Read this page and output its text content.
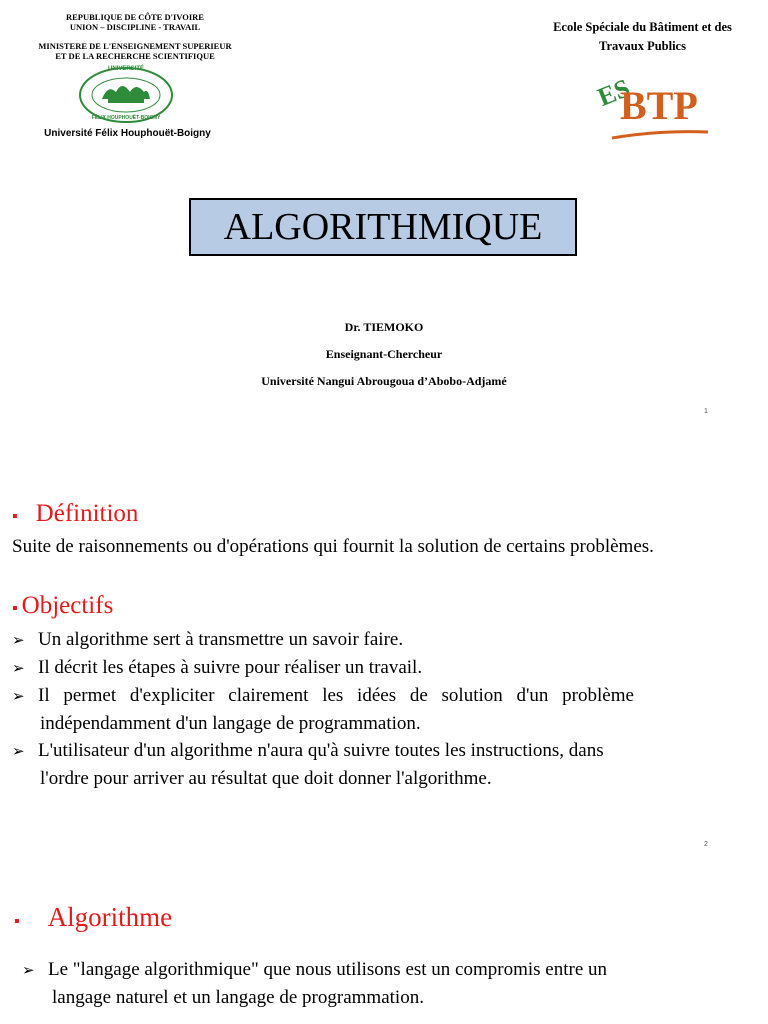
REPUBLIQUE DE CÔTE D'IVOIRE
UNION – DISCIPLINE - TRAVAIL
MINISTERE DE L'ENSEIGNEMENT SUPERIEUR
ET DE LA RECHERCHE SCIENTIFIQUE
UNIVERSITÉ
FÉLIX HOUPHOUËT-BOIGNY
Université Félix Houphouët-Boigny
Ecole Spéciale du Bâtiment et des
Travaux Publics
ES
BTP
ALGORITHMIQUE
Dr. TIEMOKO
Enseignant-Chercheur
Université Nangui Abrougoua d’Abobo-Adjamé
1
▪ Définition
Suite de raisonnements ou d'opérations qui fournit la solution de certains problèmes.
▪ Objectifs
➢ Un algorithme sert à transmettre un savoir faire.
➢ Il décrit les étapes à suivre pour réaliser un travail.
➢ Il permet d'expliciter clairement les idées de solution d'un problème
indépendamment d'un langage de programmation.
➢ L'utilisateur d'un algorithme n'aura qu'à suivre toutes les instructions, dans
l'ordre pour arriver au résultat que doit donner l'algorithme.
2
▪ Algorithme
➢ Le "langage algorithmique" que nous utilisons est un compromis entre un
langage naturel et un langage de programmation.
